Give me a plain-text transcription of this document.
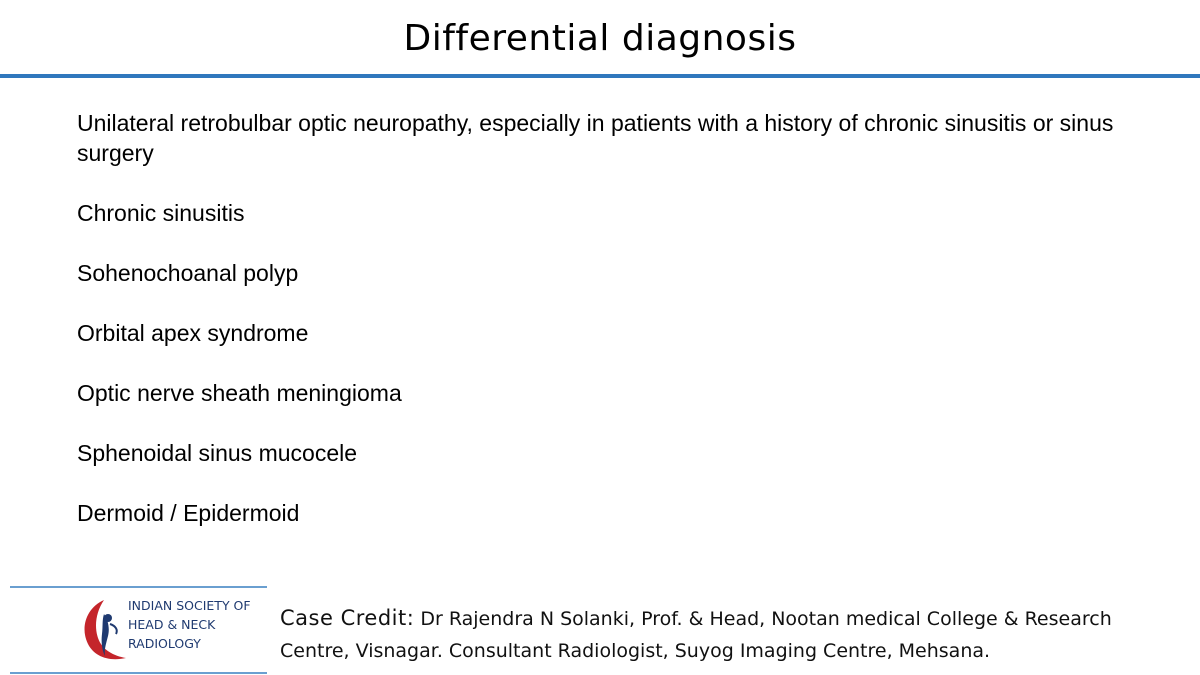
Differential diagnosis
Unilateral retrobulbar optic neuropathy, especially in patients with a history of chronic sinusitis or sinus surgery
Chronic sinusitis
Sohenochoanal polyp
Orbital apex syndrome
Optic nerve sheath meningioma
Sphenoidal sinus mucocele
Dermoid / Epidermoid
INDIAN SOCIETY OF
HEAD & NECK
RADIOLOGY
Case Credit: Dr Rajendra N Solanki, Prof. & Head, Nootan medical College & Research Centre, Visnagar. Consultant Radiologist, Suyog Imaging Centre, Mehsana.
